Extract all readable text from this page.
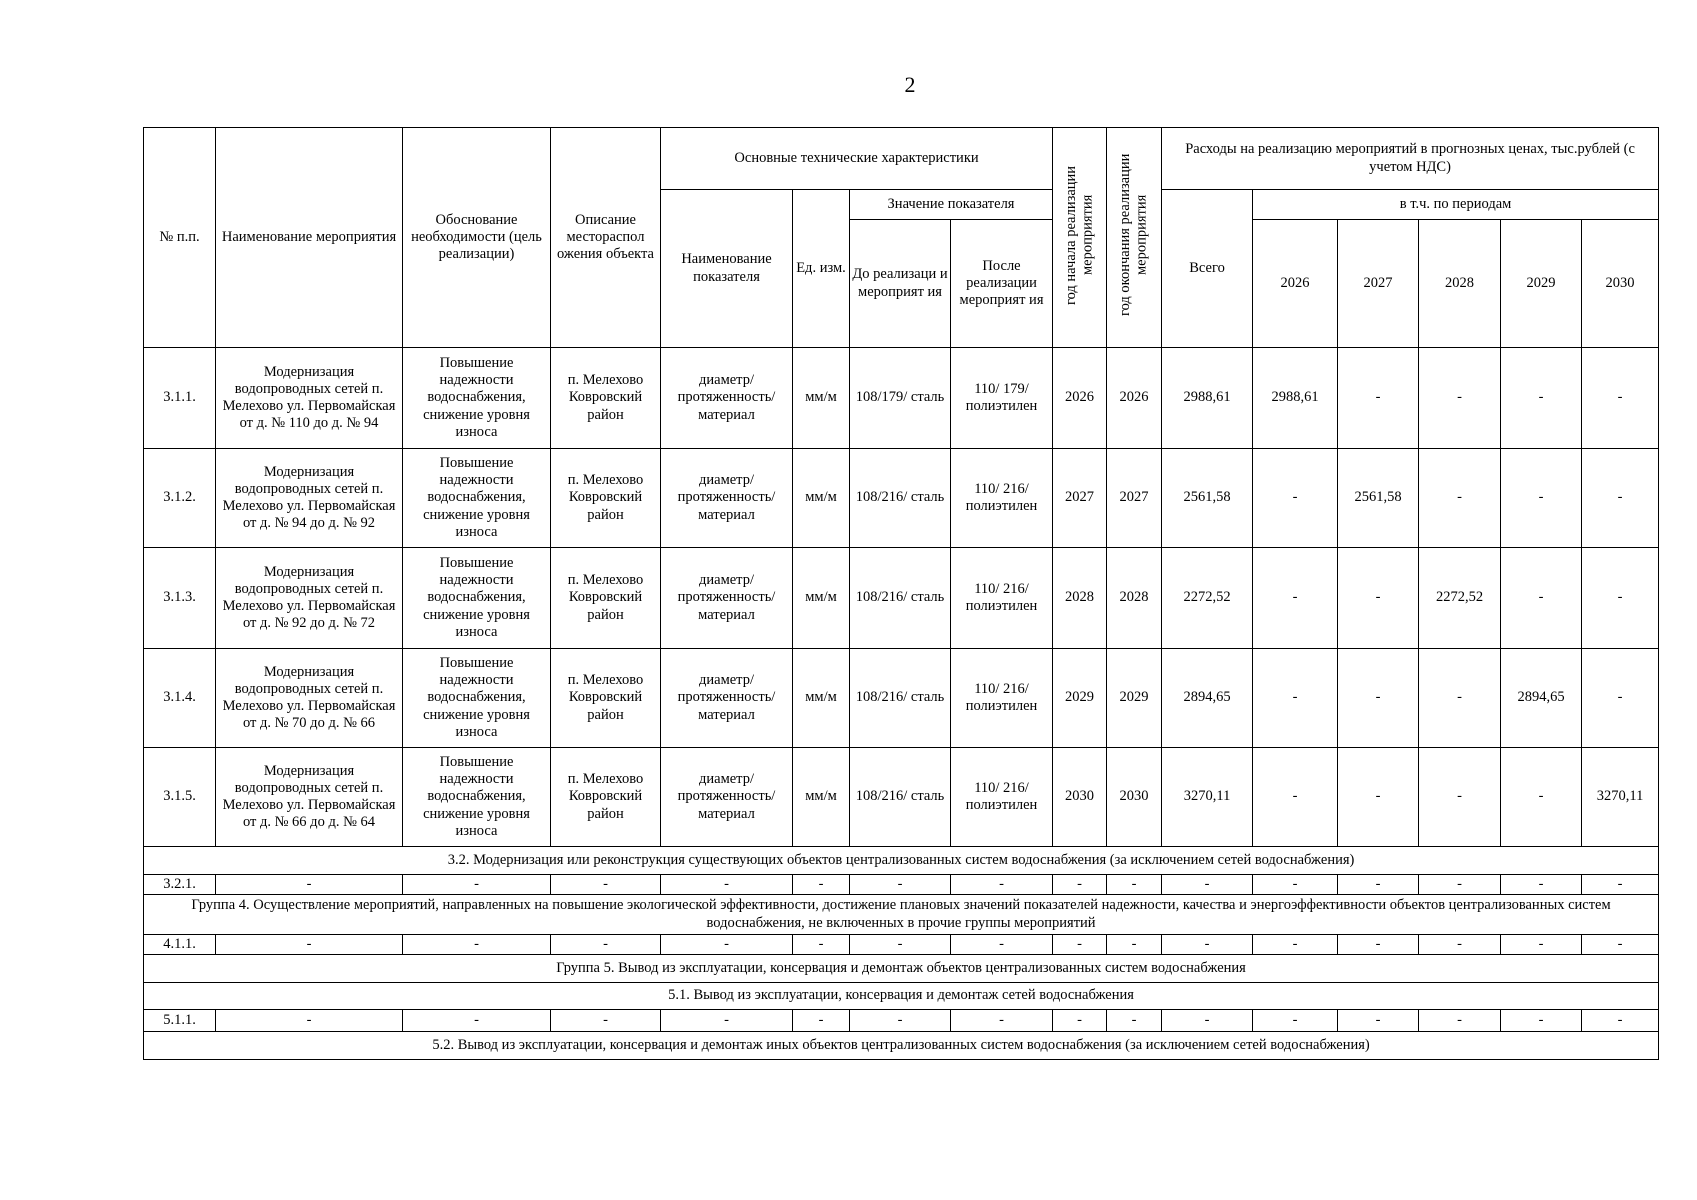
2
№ п.п.	Наименование мероприятия	Обоснование необходимости (цель реализации)	Описание местораспол ожения объекта	Основные технические характеристики				год начала реализации мероприятия	год окончания реализации мероприятия	Расходы на реализацию мероприятий в прогнозных ценах, тыс.рублей (с учетом НДС)					
				Наименование показателя	Ед. изм.	Значение показателя				Всего	в т.ч. по периодам				
						До реализаци и мероприят ия	После реализации мероприят ия				2026	2027	2028	2029	2030
3.1.1.	Модернизация водопроводных сетей п. Мелехово ул. Первомайская от д. № 110 до д. № 94	Повышение надежности водоснабжения, снижение уровня износа	п. Мелехово Ковровский район	диаметр/ протяженность/ материал	мм/м	108/179/ сталь	110/ 179/ полиэтилен	2026	2026	2988,61	2988,61	-	-	-	-
3.1.2.	Модернизация водопроводных сетей п. Мелехово ул. Первомайская от д. № 94 до д. № 92	Повышение надежности водоснабжения, снижение уровня износа	п. Мелехово Ковровский район	диаметр/ протяженность/ материал	мм/м	108/216/ сталь	110/ 216/ полиэтилен	2027	2027	2561,58	-	2561,58	-	-	-
3.1.3.	Модернизация водопроводных сетей п. Мелехово ул. Первомайская от д. № 92 до д. № 72	Повышение надежности водоснабжения, снижение уровня износа	п. Мелехово Ковровский район	диаметр/ протяженность/ материал	мм/м	108/216/ сталь	110/ 216/ полиэтилен	2028	2028	2272,52	-	-	2272,52	-	-
3.1.4.	Модернизация водопроводных сетей п. Мелехово ул. Первомайская от д. № 70 до д. № 66	Повышение надежности водоснабжения, снижение уровня износа	п. Мелехово Ковровский район	диаметр/ протяженность/ материал	мм/м	108/216/ сталь	110/ 216/ полиэтилен	2029	2029	2894,65	-	-	-	2894,65	-
3.1.5.	Модернизация водопроводных сетей п. Мелехово ул. Первомайская от д. № 66 до д. № 64	Повышение надежности водоснабжения, снижение уровня износа	п. Мелехово Ковровский район	диаметр/ протяженность/ материал	мм/м	108/216/ сталь	110/ 216/ полиэтилен	2030	2030	3270,11	-	-	-	-	3270,11
3.2. Модернизация или реконструкция существующих объектов централизованных систем водоснабжения (за исключением сетей водоснабжения)															
3.2.1.	-	-	-	-	-	-	-	-	-	-	-	-	-	-	-
Группа 4. Осуществление мероприятий, направленных на повышение экологической эффективности, достижение плановых значений показателей надежности, качества и энергоэффективности объектов централизованных систем водоснабжения, не включенных в прочие группы мероприятий															
4.1.1.	-	-	-	-	-	-	-	-	-	-	-	-	-	-	-
Группа 5. Вывод из эксплуатации, консервация и демонтаж объектов централизованных систем водоснабжения															
5.1. Вывод из эксплуатации, консервация и демонтаж сетей водоснабжения															
5.1.1.	-	-	-	-	-	-	-	-	-	-	-	-	-	-	-
5.2. Вывод из эксплуатации, консервация и демонтаж иных объектов централизованных систем водоснабжения (за исключением сетей водоснабжения)															
